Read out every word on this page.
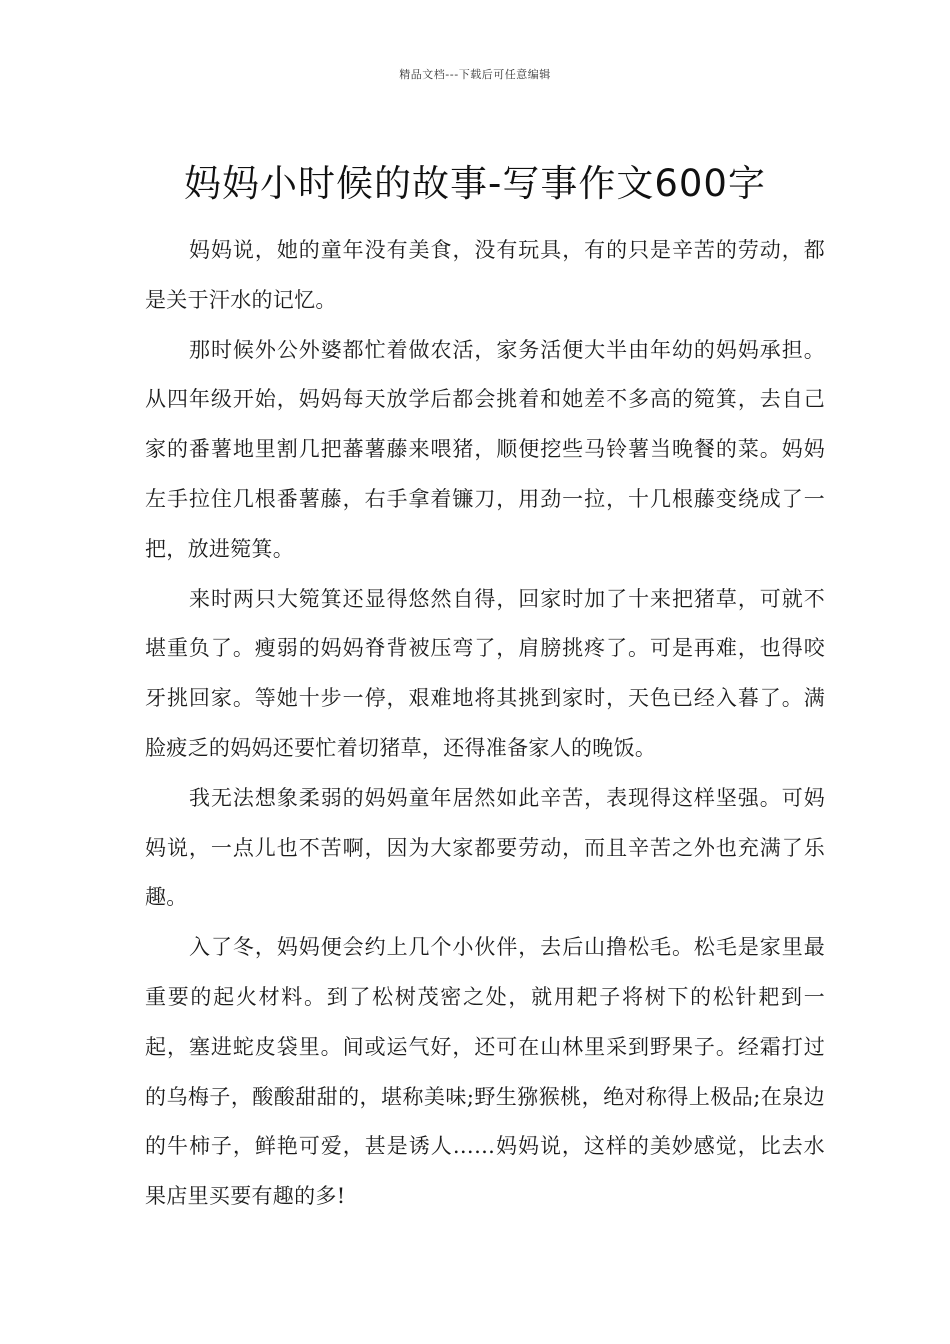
精品文档---下载后可任意编辑
妈妈小时候的故事-写事作文600字

妈妈说，她的童年没有美食，没有玩具，有的只是辛苦的劳动，都是关于汗水的记忆。

那时候外公外婆都忙着做农活，家务活便大半由年幼的妈妈承担。从四年级开始，妈妈每天放学后都会挑着和她差不多高的箢箕，去自己家的番薯地里割几把蕃薯藤来喂猪，顺便挖些马铃薯当晚餐的菜。妈妈左手拉住几根番薯藤，右手拿着镰刀，用劲一拉，十几根藤变绕成了一把，放进箢箕。

来时两只大箢箕还显得悠然自得，回家时加了十来把猪草，可就不堪重负了。瘦弱的妈妈脊背被压弯了，肩膀挑疼了。可是再难，也得咬牙挑回家。等她十步一停，艰难地将其挑到家时，天色已经入暮了。满脸疲乏的妈妈还要忙着切猪草，还得准备家人的晚饭。

我无法想象柔弱的妈妈童年居然如此辛苦，表现得这样坚强。可妈妈说，一点儿也不苦啊，因为大家都要劳动，而且辛苦之外也充满了乐趣。

入了冬，妈妈便会约上几个小伙伴，去后山撸松毛。松毛是家里最重要的起火材料。到了松树茂密之处，就用耙子将树下的松针耙到一起，塞进蛇皮袋里。间或运气好，还可在山林里采到野果子。经霜打过的乌梅子，酸酸甜甜的，堪称美味;野生猕猴桃，绝对称得上极品;在泉边的牛柿子，鲜艳可爱，甚是诱人……妈妈说，这样的美妙感觉，比去水果店里买要有趣的多!
